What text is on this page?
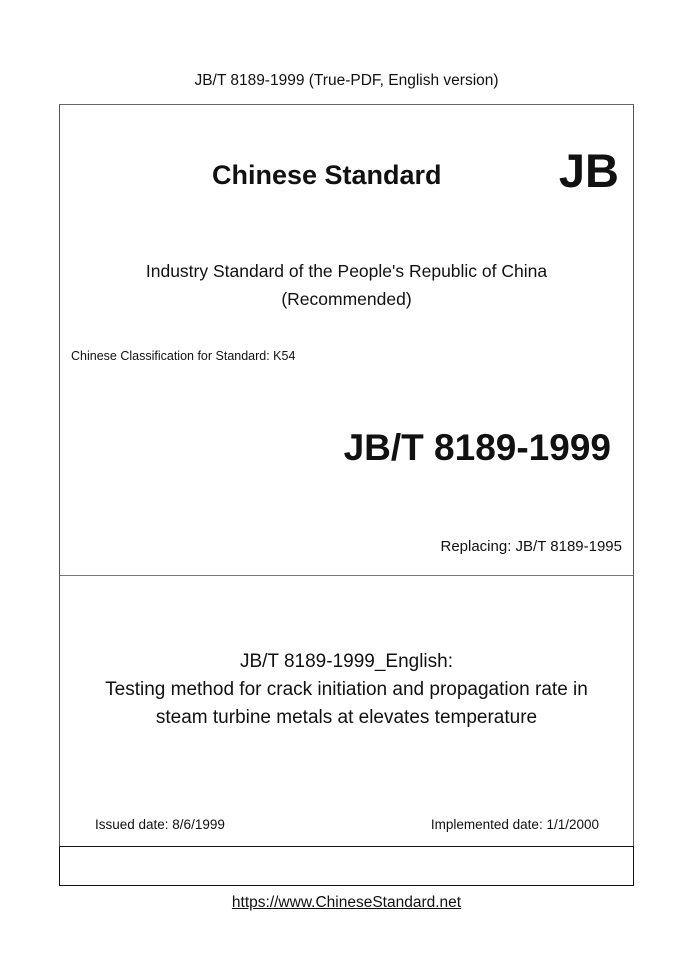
JB/T 8189-1999 (True-PDF, English version)
Chinese Standard JB
Industry Standard of the People's Republic of China
(Recommended)
Chinese Classification for Standard: K54
JB/T 8189-1999
Replacing: JB/T 8189-1995
JB/T 8189-1999_English:
Testing method for crack initiation and propagation rate in
steam turbine metals at elevates temperature
Issued date: 8/6/1999	Implemented date: 1/1/2000
https://www.ChineseStandard.net
